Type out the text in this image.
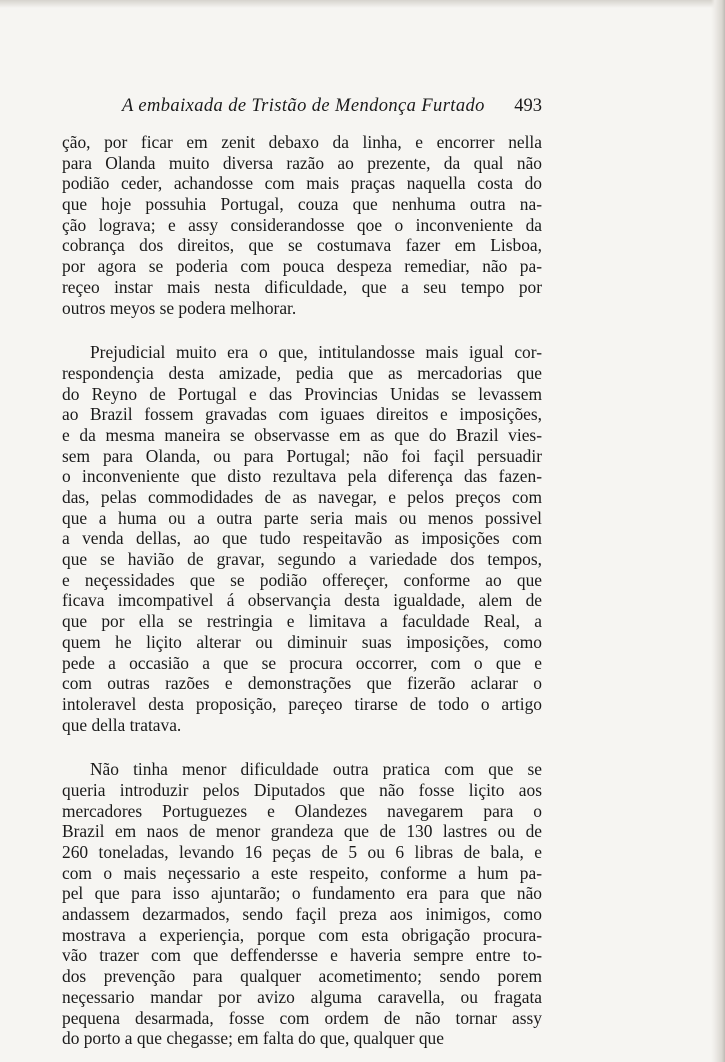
A embaixada de Tristão de Mendonça Furtado 493
ção, por ficar em zenit debaxo da linha, e encorrer nella
para Olanda muito diversa razão ao prezente, da qual não
podião ceder, achandosse com mais praças naquella costa do
que hoje possuhia Portugal, couza que nenhuma outra na-
ção lograva; e assy considerandosse qoe o inconveniente da
cobrança dos direitos, que se costumava fazer em Lisboa,
por agora se poderia com pouca despeza remediar, não pa-
reçeo instar mais nesta dificuldade, que a seu tempo por
outros meyos se podera melhorar.
Prejudicial muito era o que, intitulandosse mais igual cor-
respondençia desta amizade, pedia que as mercadorias que
do Reyno de Portugal e das Provincias Unidas se levassem
ao Brazil fossem gravadas com iguaes direitos e imposições,
e da mesma maneira se observasse em as que do Brazil vies-
sem para Olanda, ou para Portugal; não foi façil persuadir
o inconveniente que disto rezultava pela diferença das fazen-
das, pelas commodidades de as navegar, e pelos preços com
que a huma ou a outra parte seria mais ou menos possivel
a venda dellas, ao que tudo respeitavão as imposições com
que se havião de gravar, segundo a variedade dos tempos,
e neçessidades que se podião offereçer, conforme ao que
ficava imcompativel á observançia desta igualdade, alem de
que por ella se restringia e limitava a faculdade Real, a
quem he liçito alterar ou diminuir suas imposições, como
pede a occasião a que se procura occorrer, com o que e
com outras razões e demonstrações que fizerão aclarar o
intoleravel desta proposição, pareçeo tirarse de todo o artigo
que della tratava.
Não tinha menor dificuldade outra pratica com que se
queria introduzir pelos Diputados que não fosse liçito aos
mercadores Portuguezes e Olandezes navegarem para o
Brazil em naos de menor grandeza que de 130 lastres ou de
260 toneladas, levando 16 peças de 5 ou 6 libras de bala, e
com o mais neçessario a este respeito, conforme a hum pa-
pel que para isso ajuntarão; o fundamento era para que não
andassem dezarmados, sendo façil preza aos inimigos, como
mostrava a experiençia, porque com esta obrigação procura-
vão trazer com que deffendersse e haveria sempre entre to-
dos prevenção para qualquer acometimento; sendo porem
neçessario mandar por avizo alguma caravella, ou fragata
pequena desarmada, fosse com ordem de não tornar assy
do porto a que chegasse; em falta do que, qualquer que
